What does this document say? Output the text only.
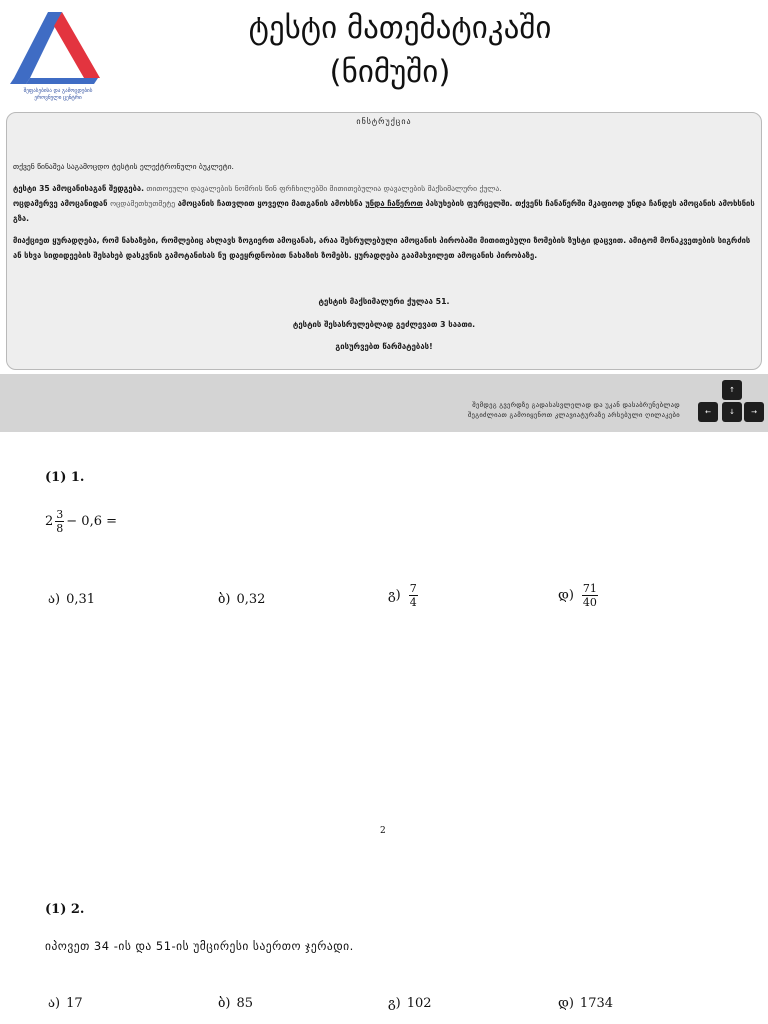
შეფასებისა და გამოცდების
ეროვნული ცენტრი
ტესტი მათემატიკაში
(ნიმუში)
ინსტრუქცია
თქვენ წინაშეა საგამოცდო ტესტის ელექტრონული ბუკლეტი.
ტესტი 35 ამოცანისაგან შედგება. თითოეული დავალების ნომრის წინ ფრჩხილებში მითითებულია დავალების მაქსიმალური ქულა.
ოცდამერვე ამოცანიდან ოცდამეთხუთმეტე ამოცანის ჩათვლით ყოველი მათგანის ამოხსნა უნდა ჩაწეროთ პასუხების ფურცელში. თქვენს ჩანაწერში მკაფიოდ უნდა ჩანდეს ამოცანის ამოხსნის გზა.
მიაქციეთ ყურადღება, რომ ნახაზები, რომლებიც ახლავს ზოგიერთ ამოცანას, არაა შესრულებული ამოცანის პირობაში მითითებული ზომების ზუსტი დაცვით. ამიტომ მონაკვეთების სიგრძის ან სხვა სიდიდეების შესახებ დასკვნის გამოტანისას ნუ დაეყრდნობით ნახაზის ზომებს. ყურადღება გაამახვილეთ ამოცანის პირობაზე.
ტესტის მაქსიმალური ქულაა 51.
ტესტის შესასრულებლად გეძლევათ 3 საათი.
გისურვებთ წარმატებას!
შემდეგ გვერდზე გადასასვლელად და უკან დასაბრუნებლად
შეგიძლიათ გამოიყენოთ კლავიატურაზე არსებული ღილაკები
↑
←	↓	→
(1) 1.
$2 \frac{3}{8} - 0,6$ =
ა) 0,31	ბ) 0,32	გ) $\frac{7}{4}$	დ) $\frac{71}{40}$
2
(1) 2.
იპოვეთ 34 -ის და 51-ის უმცირესი საერთო ჯერადი.
ა) 17	ბ) 85	გ) 102	დ) 1734
